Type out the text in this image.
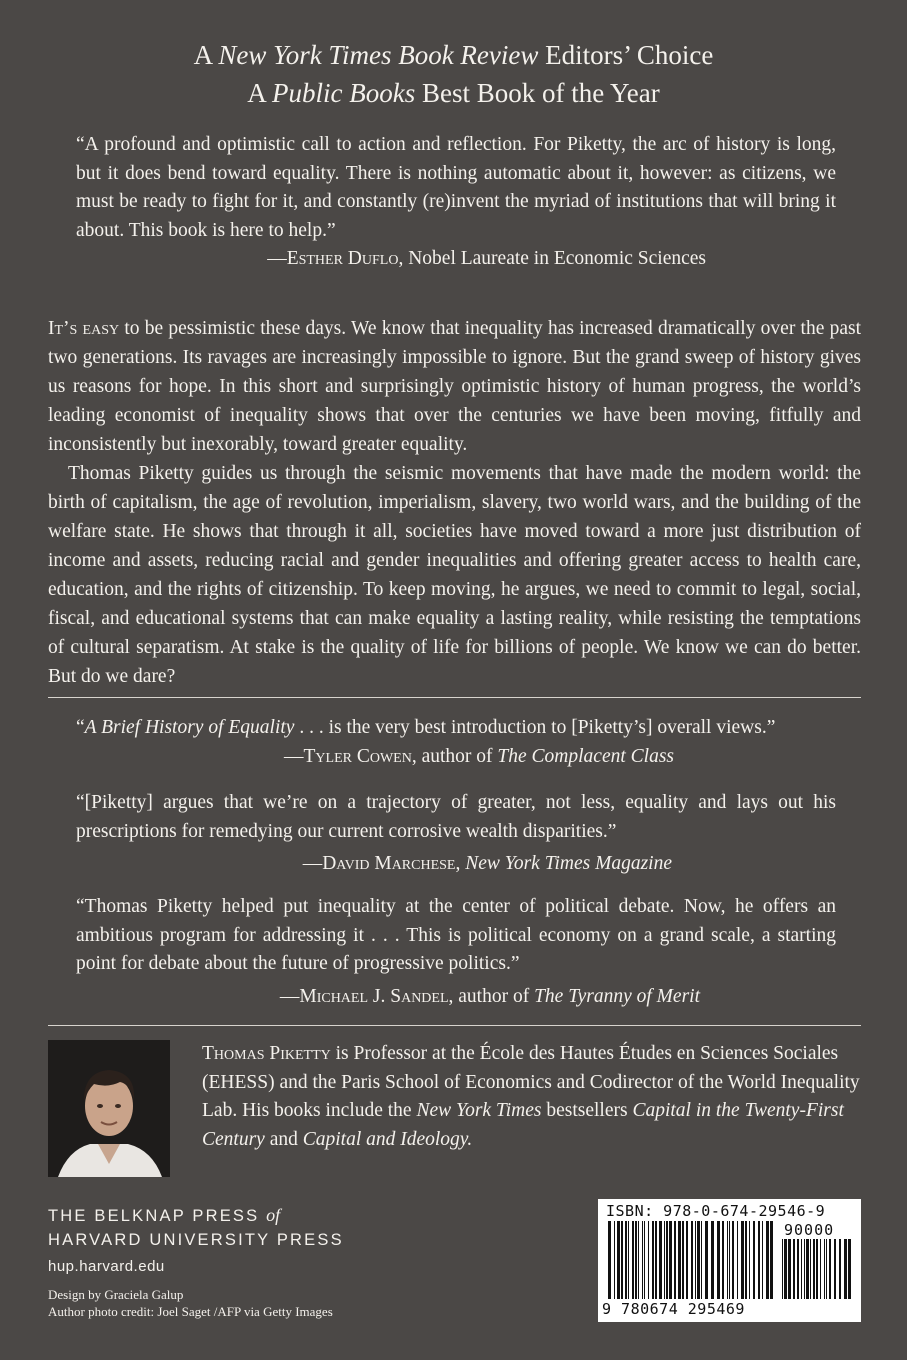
A New York Times Book Review Editors’ Choice
A Public Books Best Book of the Year
“A profound and optimistic call to action and reflection. For Piketty, the arc of history is long, but it does bend toward equality. There is nothing automatic about it, however: as citizens, we must be ready to fight for it, and constantly (re)invent the myriad of institutions that will bring it about. This book is here to help.”
—Esther Duflo, Nobel Laureate in Economic Sciences

It’s easy to be pessimistic these days. We know that inequality has increased dramatically over the past two generations. Its ravages are increasingly impossible to ignore. But the grand sweep of history gives us reasons for hope. In this short and surprisingly optimistic history of human progress, the world’s leading economist of inequality shows that over the centuries we have been moving, fitfully and inconsistently but inexorably, toward greater equality.

Thomas Piketty guides us through the seismic movements that have made the modern world: the birth of capitalism, the age of revolution, imperialism, slavery, two world wars, and the building of the welfare state. He shows that through it all, societies have moved toward a more just distribution of income and assets, reducing racial and gender inequalities and offering greater access to health care, education, and the rights of citizenship. To keep moving, he argues, we need to commit to legal, social, fiscal, and educational systems that can make equality a lasting reality, while resisting the temptations of cultural separatism. At stake is the quality of life for billions of people. We know we can do better. But do we dare?

“A Brief History of Equality . . . is the very best introduction to [Piketty’s] overall views.”
—Tyler Cowen, author of The Complacent Class
“[Piketty] argues that we’re on a trajectory of greater, not less, equality and lays out his prescriptions for remedying our current corrosive wealth disparities.”
—David Marchese, New York Times Magazine
“Thomas Piketty helped put inequality at the center of political debate. Now, he offers an ambitious program for addressing it . . . This is political economy on a grand scale, a starting point for debate about the future of progressive politics.”
—Michael J. Sandel, author of The Tyranny of Merit
Thomas Piketty is Professor at the École des Hautes Études en Sciences Sociales (EHESS) and the Paris School of Economics and Codirector of the World Inequality Lab. His books include the New York Times bestsellers Capital in the Twenty-First Century and Capital and Ideology.
THE BELKNAP PRESS of
HARVARD UNIVERSITY PRESS
hup.harvard.edu
Design by Graciela Galup
Author photo credit: Joel Saget /AFP via Getty Images
ISBN: 978-0-674-29546-9
90000
9 780674 295469
